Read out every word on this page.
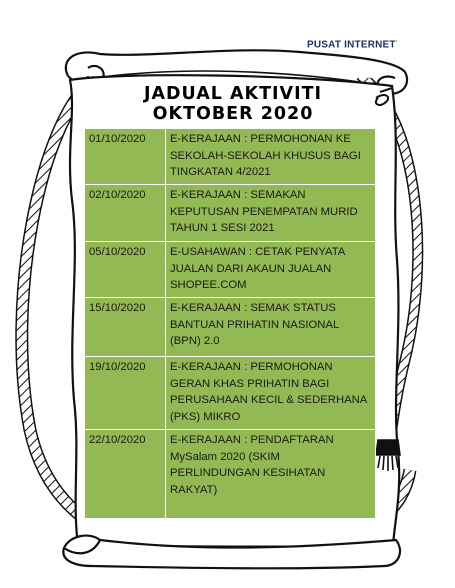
PUSAT INTERNET·
JADUAL AKTIVITI
OKTOBER 2020
01/10/2020	E-KERAJAAN : PERMOHONAN KE SEKOLAH-SEKOLAH KHUSUS BAGI TINGKATAN 4/2021
02/10/2020	E-KERAJAAN : SEMAKAN KEPUTUSAN PENEMPATAN MURID TAHUN 1 SESI 2021
05/10/2020	E-USAHAWAN : CETAK PENYATA JUALAN DARI AKAUN JUALAN SHOPEE.COM
15/10/2020	E-KERAJAAN : SEMAK STATUS BANTUAN PRIHATIN NASIONAL (BPN) 2.0
19/10/2020	E-KERAJAAN : PERMOHONAN GERAN KHAS PRIHATIN BAGI PERUSAHAAN KECIL & SEDERHANA (PKS) MIKRO
22/10/2020	E-KERAJAAN : PENDAFTARAN MySalam 2020 (SKIM PERLINDUNGAN KESIHATAN RAKYAT)
